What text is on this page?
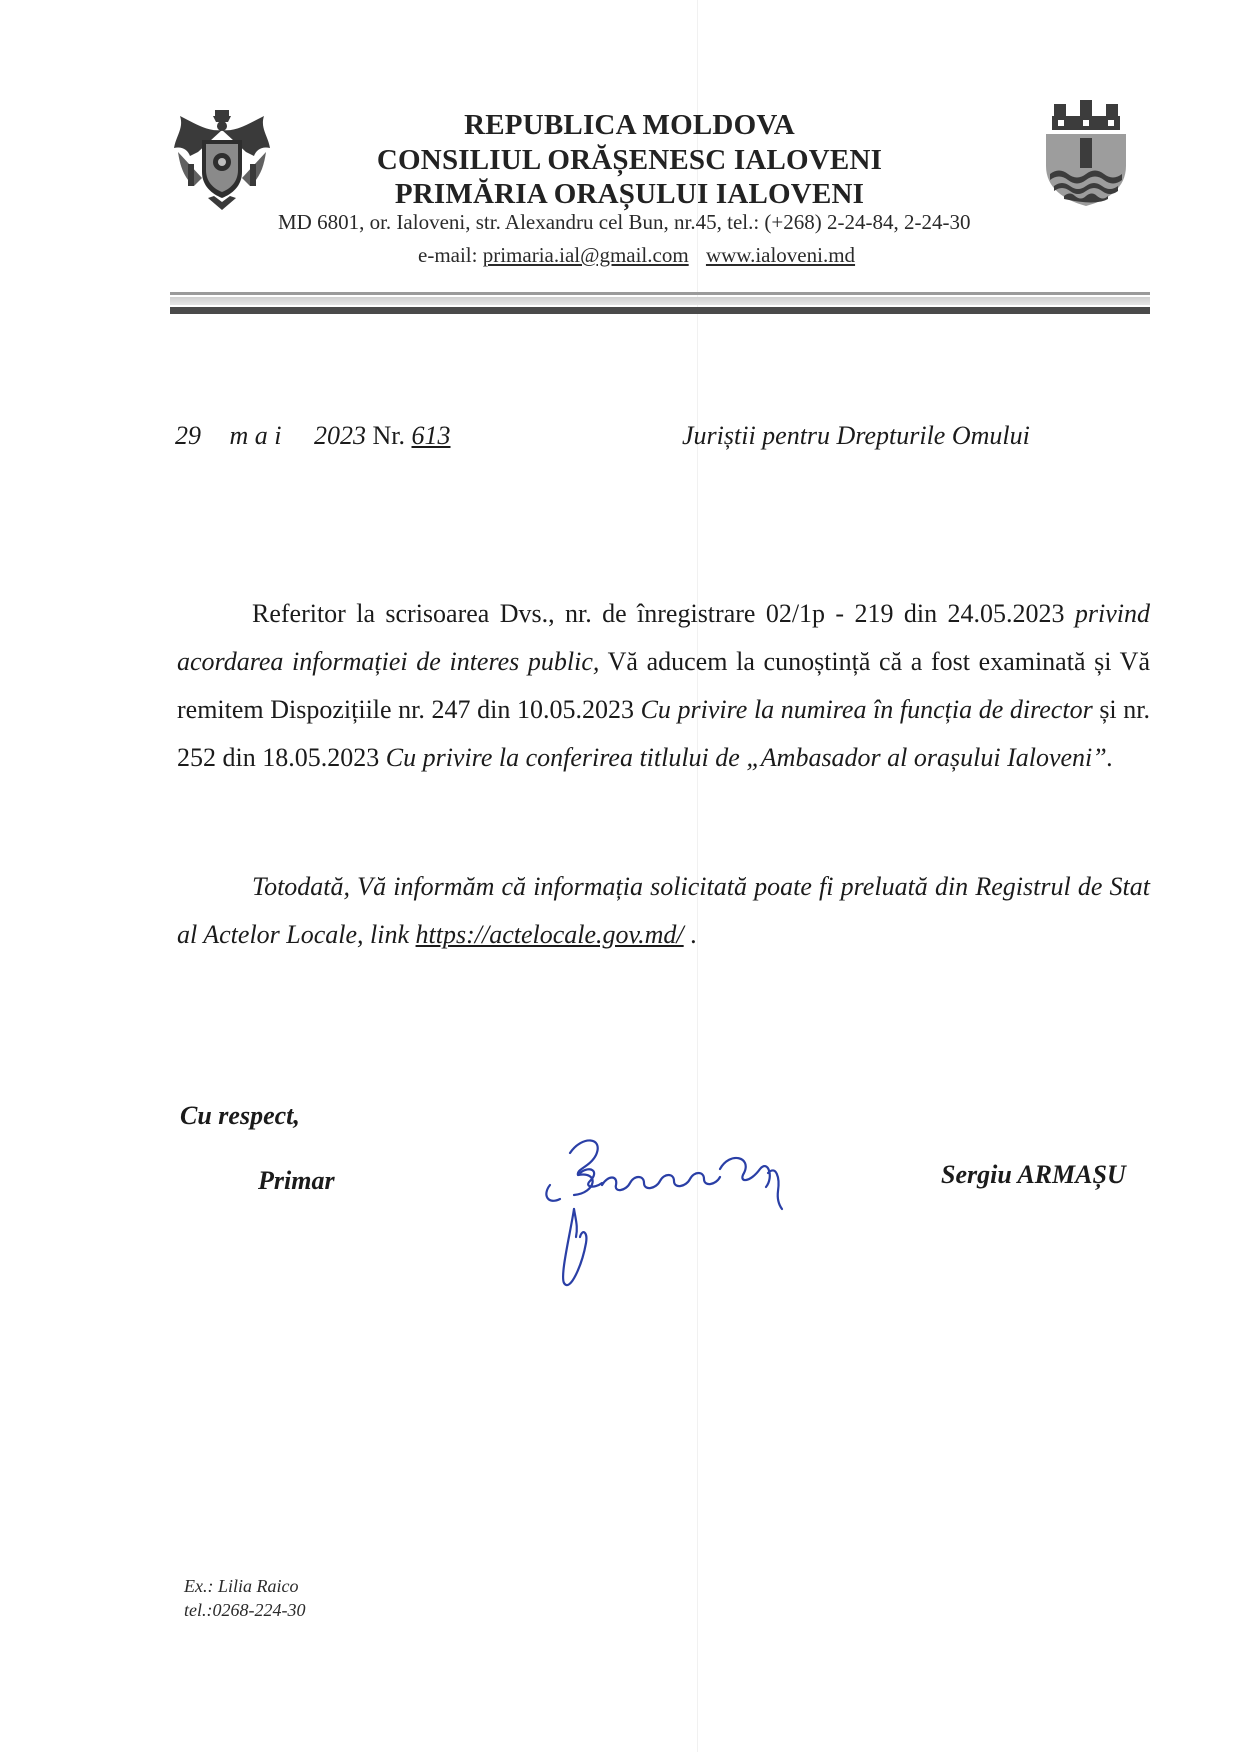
REPUBLICA MOLDOVA
CONSILIUL ORĂȘENESC IALOVENI
PRIMĂRIA ORAȘULUI IALOVENI
MD 6801, or. Ialoveni, str. Alexandru cel Bun, nr.45, tel.: (+268) 2-24-84, 2-24-30
e-mail: primaria.ial@gmail.com www.ialoveni.md
29 m a i 2023 Nr. 613	Juriștii pentru Drepturile Omului
Referitor la scrisoarea Dvs., nr. de înregistrare 02/1p - 219 din 24.05.2023 privind acordarea informației de interes public, Vă aducem la cunoștință că a fost examinată și Vă remitem Dispozițiile nr. 247 din 10.05.2023 Cu privire la numirea în funcția de director și nr. 252 din 18.05.2023 Cu privire la conferirea titlului de „Ambasador al orașului Ialoveni”.
Totodată, Vă informăm că informația solicitată poate fi preluată din Registrul de Stat al Actelor Locale, link https://actelocale.gov.md/ .
Cu respect,
Primar	Sergiu ARMAȘU
Ex.: Lilia Raico
tel.:0268-224-30
